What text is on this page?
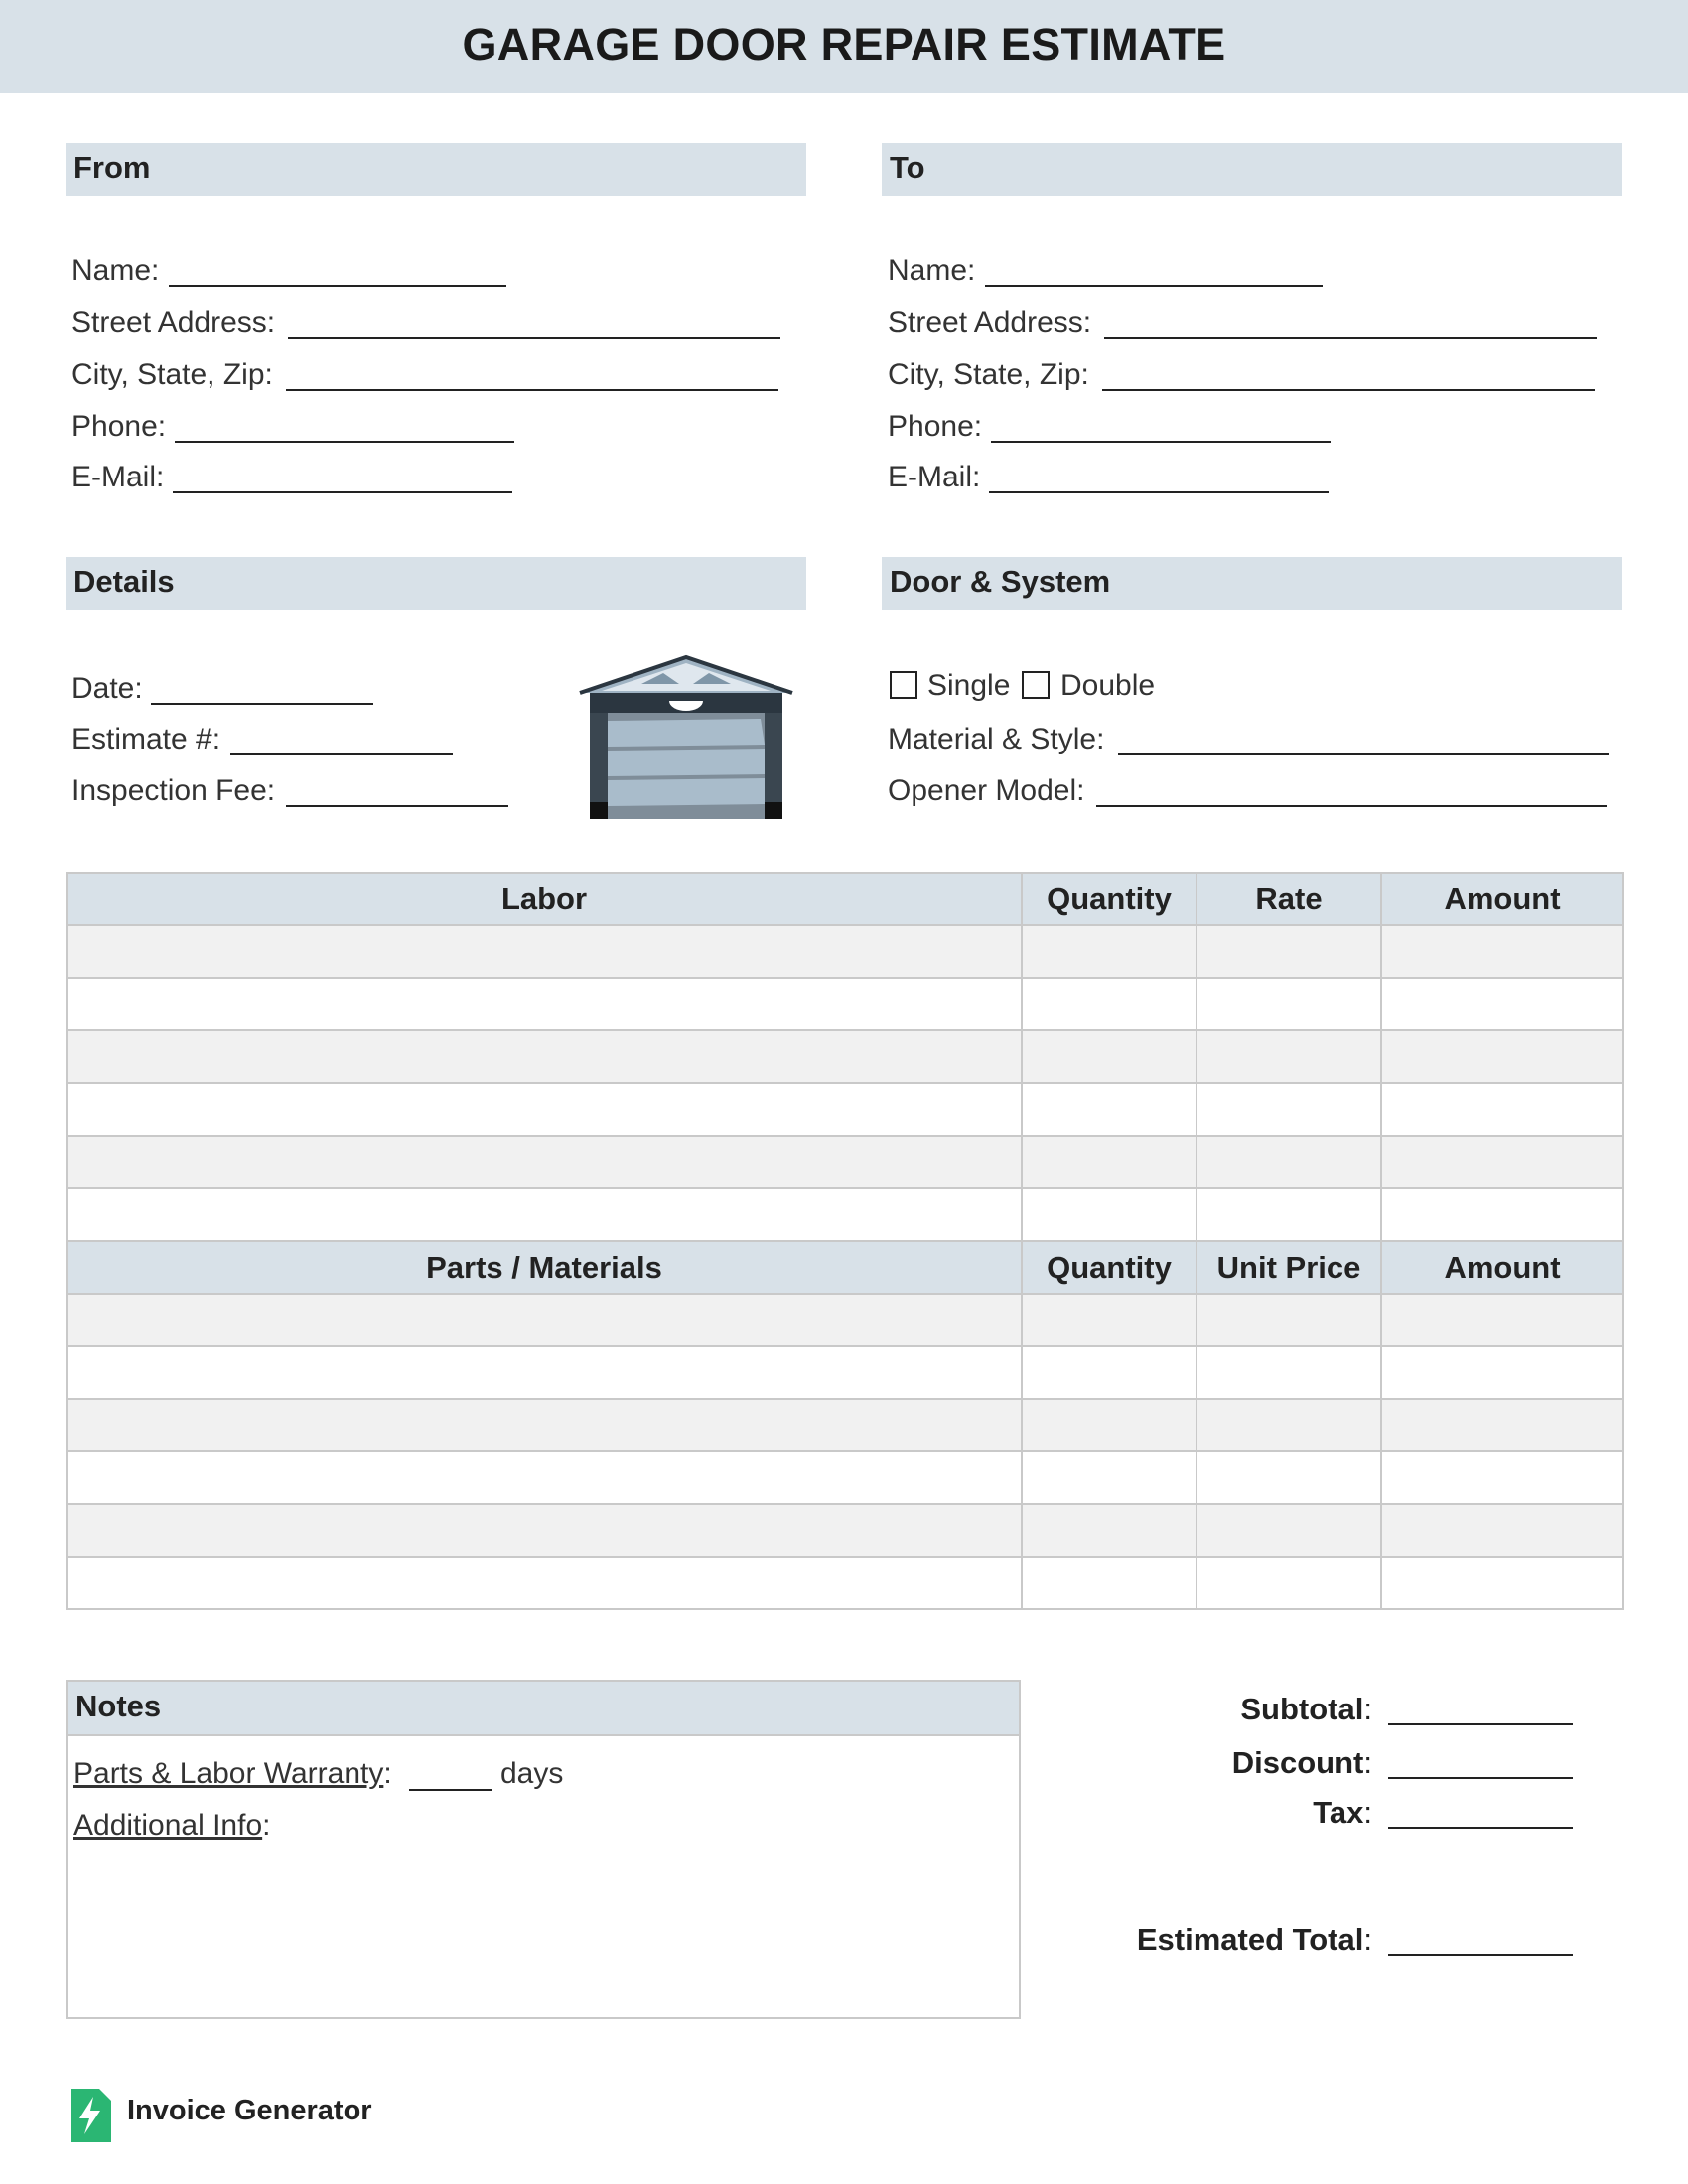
GARAGE DOOR REPAIR ESTIMATE
From
Name:
Street Address:
City, State, Zip:
Phone:
E-Mail:
To
Name:
Street Address:
City, State, Zip:
Phone:
E-Mail:
Details
Date:
Estimate #:
Inspection Fee:
Door & System
Single Double
Material & Style:
Opener Model:
Labor	Quantity	Rate	Amount

Parts / Materials	Quantity	Unit Price	Amount

Notes
Parts & Labor Warranty:	days
Additional Info:
Subtotal:
Discount:
Tax:
Estimated Total:
Invoice Generator
